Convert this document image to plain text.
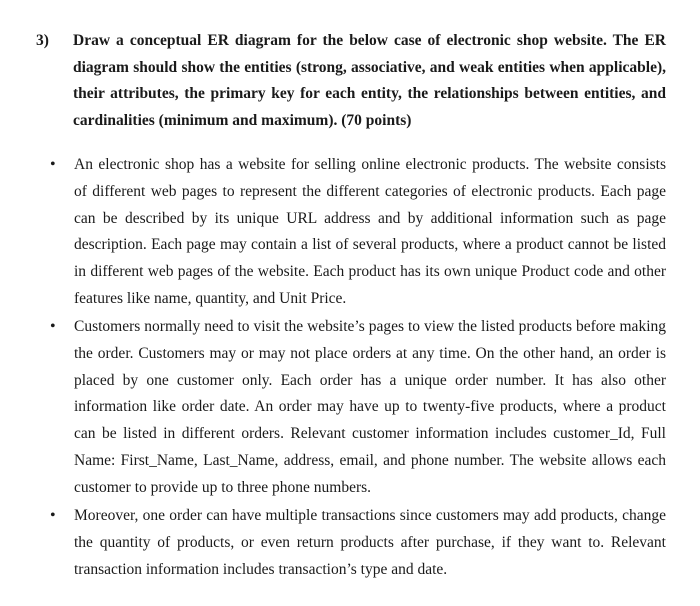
3) Draw a conceptual ER diagram for the below case of electronic shop website. The ER
diagram should show the entities (strong, associative, and weak entities when applicable),
their attributes, the primary key for each entity, the relationships between entities, and
cardinalities (minimum and maximum). (70 points)
•	An electronic shop has a website for selling online electronic products. The website consists
of different web pages to represent the different categories of electronic products. Each page
can be described by its unique URL address and by additional information such as page
description. Each page may contain a list of several products, where a product cannot be listed
in different web pages of the website. Each product has its own unique Product code and other
features like name, quantity, and Unit Price.
•	Customers normally need to visit the website’s pages to view the listed products before making
the order. Customers may or may not place orders at any time. On the other hand, an order is
placed by one customer only. Each order has a unique order number. It has also other
information like order date. An order may have up to twenty-five products, where a product
can be listed in different orders. Relevant customer information includes customer_Id, Full
Name: First_Name, Last_Name, address, email, and phone number. The website allows each
customer to provide up to three phone numbers.
•	Moreover, one order can have multiple transactions since customers may add products, change
the quantity of products, or even return products after purchase, if they want to. Relevant
transaction information includes transaction’s type and date.
